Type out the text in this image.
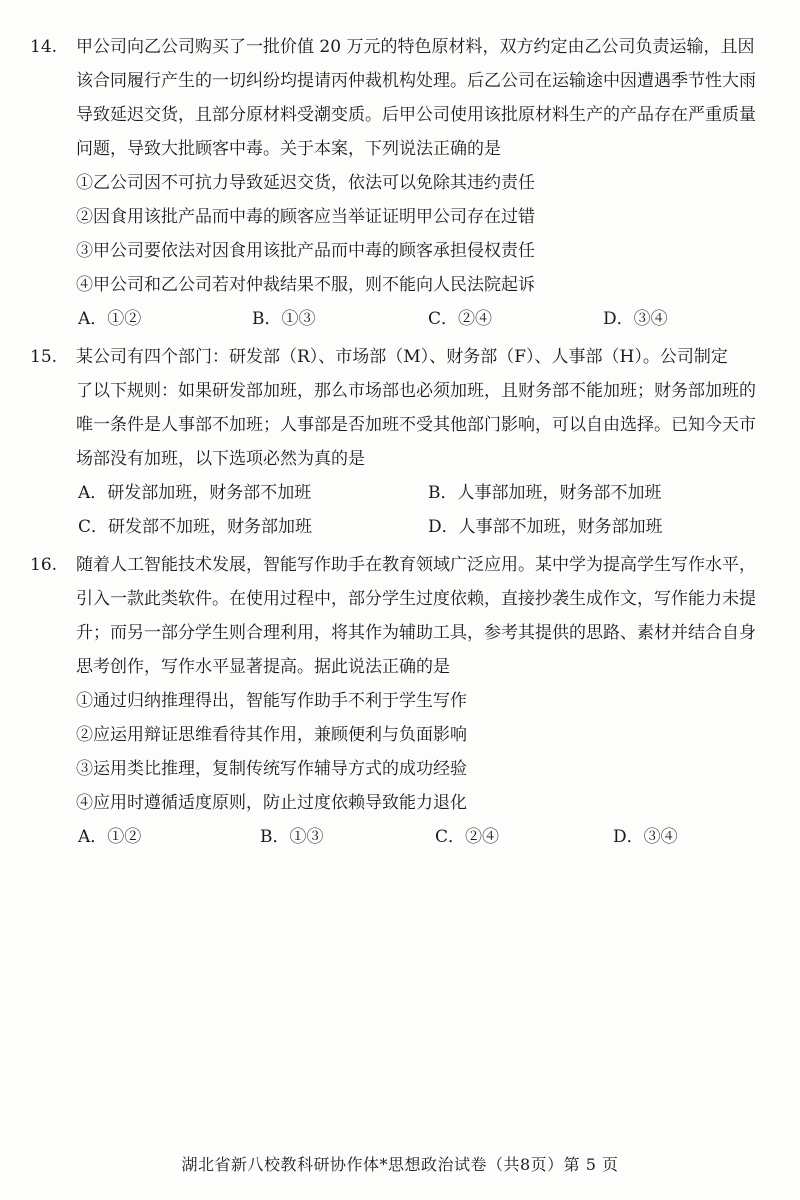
14. 甲公司向乙公司购买了一批价值 20 万元的特色原材料，双方约定由乙公司负责运输，且因
该合同履行产生的一切纠纷均提请丙仲裁机构处理。后乙公司在运输途中因遭遇季节性大雨
导致延迟交货，且部分原材料受潮变质。后甲公司使用该批原材料生产的产品存在严重质量
问题，导致大批顾客中毒。关于本案，下列说法正确的是
①乙公司因不可抗力导致延迟交货，依法可以免除其违约责任
②因食用该批产品而中毒的顾客应当举证证明甲公司存在过错
③甲公司要依法对因食用该批产品而中毒的顾客承担侵权责任
④甲公司和乙公司若对仲裁结果不服，则不能向人民法院起诉
A．①②	B．①③	C．②④	D．③④
15. 某公司有四个部门：研发部（R）、市场部（M）、财务部（F）、人事部（H）。公司制定
了以下规则：如果研发部加班，那么市场部也必须加班，且财务部不能加班；财务部加班的
唯一条件是人事部不加班；人事部是否加班不受其他部门影响，可以自由选择。已知今天市
场部没有加班，以下选项必然为真的是
A．研发部加班，财务部不加班	B．人事部加班，财务部不加班
C．研发部不加班，财务部加班	D．人事部不加班，财务部加班
16. 随着人工智能技术发展，智能写作助手在教育领域广泛应用。某中学为提高学生写作水平，
引入一款此类软件。在使用过程中，部分学生过度依赖，直接抄袭生成作文，写作能力未提
升；而另一部分学生则合理利用，将其作为辅助工具，参考其提供的思路、素材并结合自身
思考创作，写作水平显著提高。据此说法正确的是
①通过归纳推理得出，智能写作助手不利于学生写作
②应运用辩证思维看待其作用，兼顾便利与负面影响
③运用类比推理，复制传统写作辅导方式的成功经验
④应用时遵循适度原则，防止过度依赖导致能力退化
A．①②	B．①③	C．②④	D．③④
湖北省新八校教科研协作体*思想政治试卷（共8页）第 5 页
